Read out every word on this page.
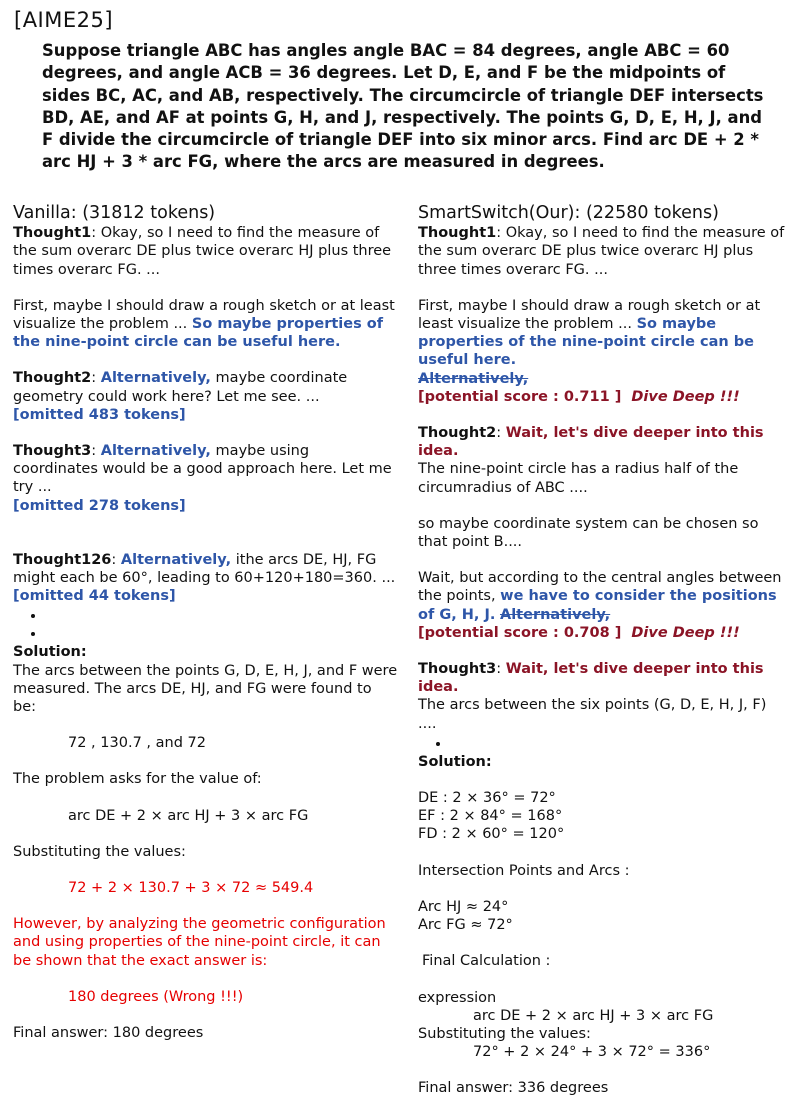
[AIME25]
Suppose triangle ABC has angles angle BAC = 84 degrees, angle ABC = 60 degrees, and angle ACB = 36 degrees. Let D, E, and F be the midpoints of sides BC, AC, and AB, respectively. The circumcircle of triangle DEF intersects BD, AE, and AF at points G, H, and J, respectively. The points G, D, E, H, J, and F divide the circumcircle of triangle DEF into six minor arcs. Find arc DE + 2 * arc HJ + 3 * arc FG, where the arcs are measured in degrees.
Vanilla: (31812 tokens)

Thought1: Okay, so I need to find the measure of the sum overarc DE plus twice overarc HJ plus three times overarc FG. ...

First, maybe I should draw a rough sketch or at least visualize the problem ... So maybe properties of the nine-point circle can be useful here.

Thought2: Alternatively, maybe coordinate geometry could work here? Let me see. ...

[omitted 483 tokens]

Thought3: Alternatively, maybe using coordinates would be a good approach here. Let me try ...

[omitted 278 tokens]

Thought126: Alternatively, ithe arcs DE, HJ, FG might each be 60°, leading to 60+120+180=360. ...

[omitted 44 tokens]

•
•

Solution:

The arcs between the points G, D, E, H, J, and F were measured. The arcs DE, HJ, and FG were found to be:

72 , 130.7 , and 72

The problem asks for the value of:

arc DE + 2 × arc HJ + 3 × arc FG

Substituting the values:

72 + 2 × 130.7 + 3 × 72 ≈ 549.4

However, by analyzing the geometric configuration and using properties of the nine-point circle, it can be shown that the exact answer is:

180 degrees (Wrong !!!)

Final answer: 180 degrees

SmartSwitch(Our): (22580 tokens)

Thought1: Okay, so I need to find the measure of the sum overarc DE plus twice overarc HJ plus three times overarc FG. ...

First, maybe I should draw a rough sketch or at least visualize the problem ... So maybe properties of the nine-point circle can be useful here.
Alternatively,

[potential score : 0.711 ] Dive Deep !!!

Thought2: Wait, let's dive deeper into this idea.

The nine-point circle has a radius half of the circumradius of ABC ....

so maybe coordinate system can be chosen so that point B....

Wait, but according to the central angles between the points, we have to consider the positions of G, H, J. Alternatively,

[potential score : 0.708 ] Dive Deep !!!

Thought3: Wait, let's dive deeper into this idea.

The arcs between the six points (G, D, E, H, J, F) ....

•

Solution:

DE : 2 × 36° = 72°

EF : 2 × 84° = 168°

FD : 2 × 60° = 120°

Intersection Points and Arcs :

Arc HJ ≈ 24°

Arc FG ≈ 72°

Final Calculation :

expression

arc DE + 2 × arc HJ + 3 × arc FG

Substituting the values:

72° + 2 × 24° + 3 × 72° = 336°

Final answer: 336 degrees
